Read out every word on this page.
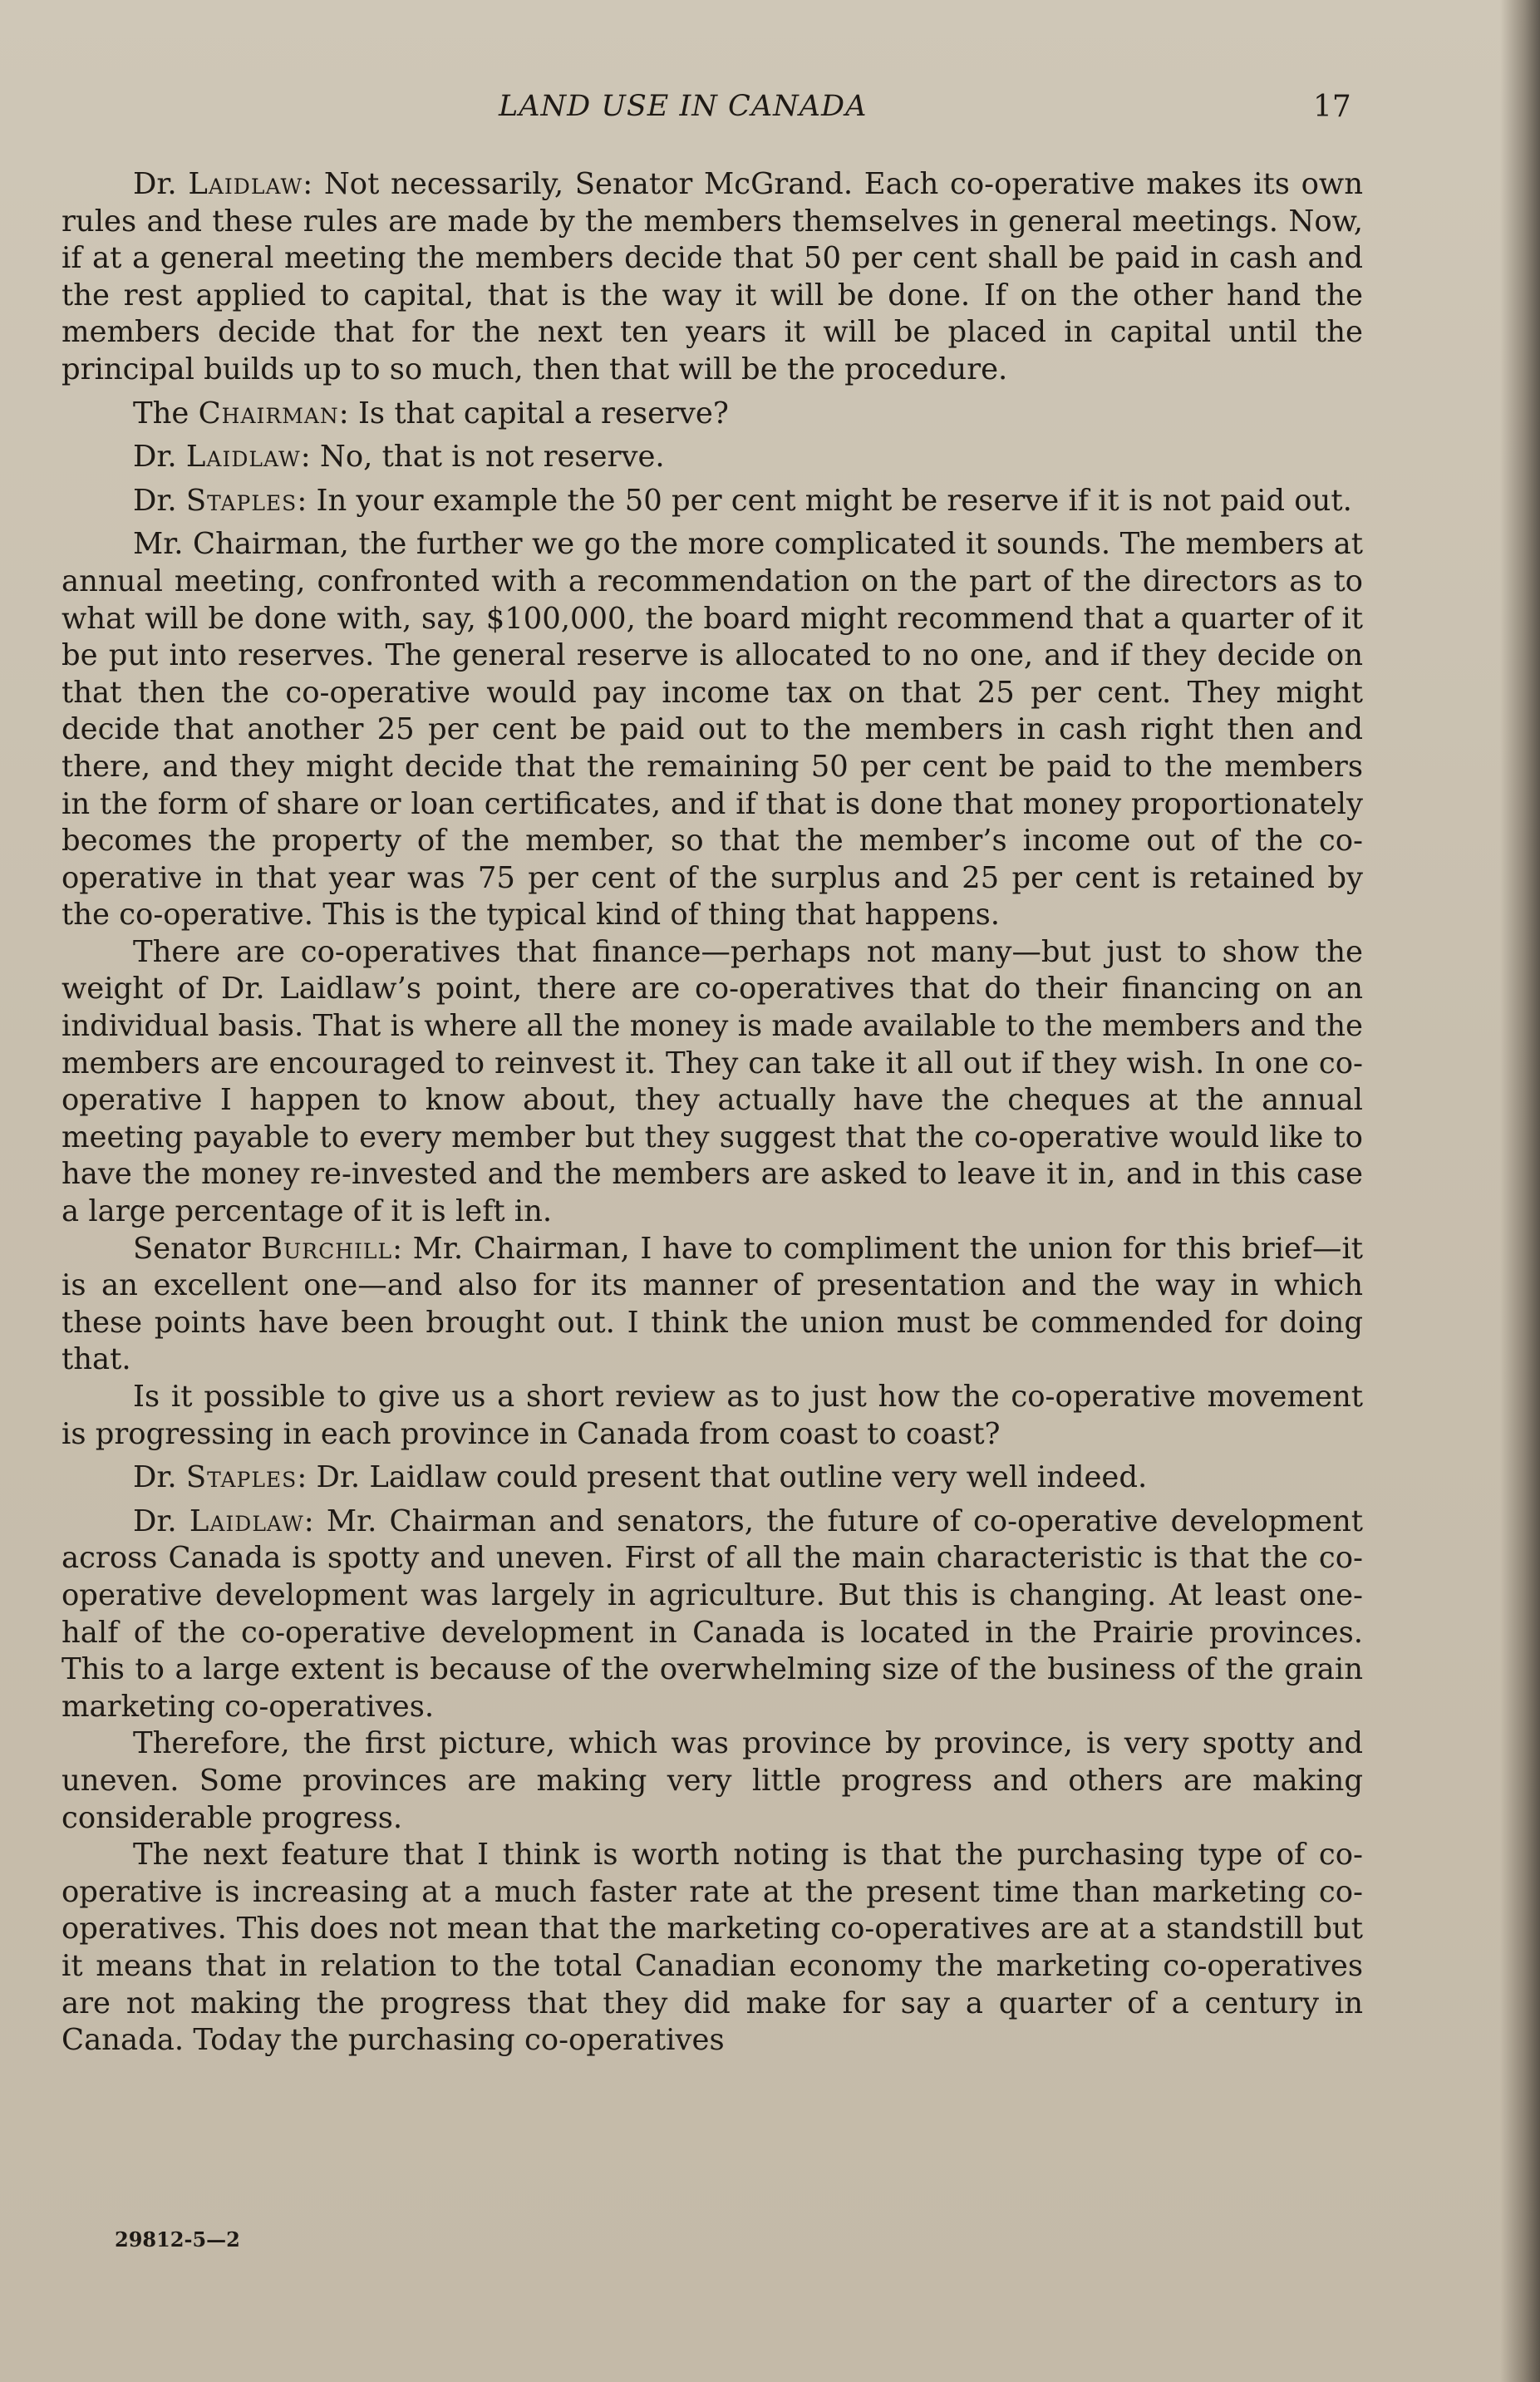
LAND USE IN CANADA	17

Dr. Laidlaw: Not necessarily, Senator McGrand. Each co-operative makes its own rules and these rules are made by the members themselves in general meetings. Now, if at a general meeting the members decide that 50 per cent shall be paid in cash and the rest applied to capital, that is the way it will be done. If on the other hand the members decide that for the next ten years it will be placed in capital until the principal builds up to so much, then that will be the procedure.

The Chairman: Is that capital a reserve?

Dr. Laidlaw: No, that is not reserve.

Dr. Staples: In your example the 50 per cent might be reserve if it is not paid out.

Mr. Chairman, the further we go the more complicated it sounds. The members at annual meeting, confronted with a recommendation on the part of the directors as to what will be done with, say, $100,000, the board might recommend that a quarter of it be put into reserves. The general reserve is allocated to no one, and if they decide on that then the co-operative would pay income tax on that 25 per cent. They might decide that another 25 per cent be paid out to the members in cash right then and there, and they might decide that the remaining 50 per cent be paid to the members in the form of share or loan certificates, and if that is done that money proportionately becomes the property of the member, so that the member’s income out of the co-operative in that year was 75 per cent of the surplus and 25 per cent is retained by the co-operative. This is the typical kind of thing that happens.

There are co-operatives that finance—perhaps not many—but just to show the weight of Dr. Laidlaw’s point, there are co-operatives that do their financing on an individual basis. That is where all the money is made available to the members and the members are encouraged to reinvest it. They can take it all out if they wish. In one co-operative I happen to know about, they actually have the cheques at the annual meeting payable to every member but they suggest that the co-operative would like to have the money re-invested and the members are asked to leave it in, and in this case a large percentage of it is left in.

Senator Burchill: Mr. Chairman, I have to compliment the union for this brief—it is an excellent one—and also for its manner of presentation and the way in which these points have been brought out. I think the union must be commended for doing that.

Is it possible to give us a short review as to just how the co-operative movement is progressing in each province in Canada from coast to coast?

Dr. Staples: Dr. Laidlaw could present that outline very well indeed.

Dr. Laidlaw: Mr. Chairman and senators, the future of co-operative development across Canada is spotty and uneven. First of all the main characteristic is that the co-operative development was largely in agriculture. But this is changing. At least one-half of the co-operative development in Canada is located in the Prairie provinces. This to a large extent is because of the overwhelming size of the business of the grain marketing co-operatives.

Therefore, the first picture, which was province by province, is very spotty and uneven. Some provinces are making very little progress and others are making considerable progress.

The next feature that I think is worth noting is that the purchasing type of co-operative is increasing at a much faster rate at the present time than marketing co-operatives. This does not mean that the marketing co-operatives are at a standstill but it means that in relation to the total Canadian economy the marketing co-operatives are not making the progress that they did make for say a quarter of a century in Canada. Today the purchasing co-operatives

29812-5—2
